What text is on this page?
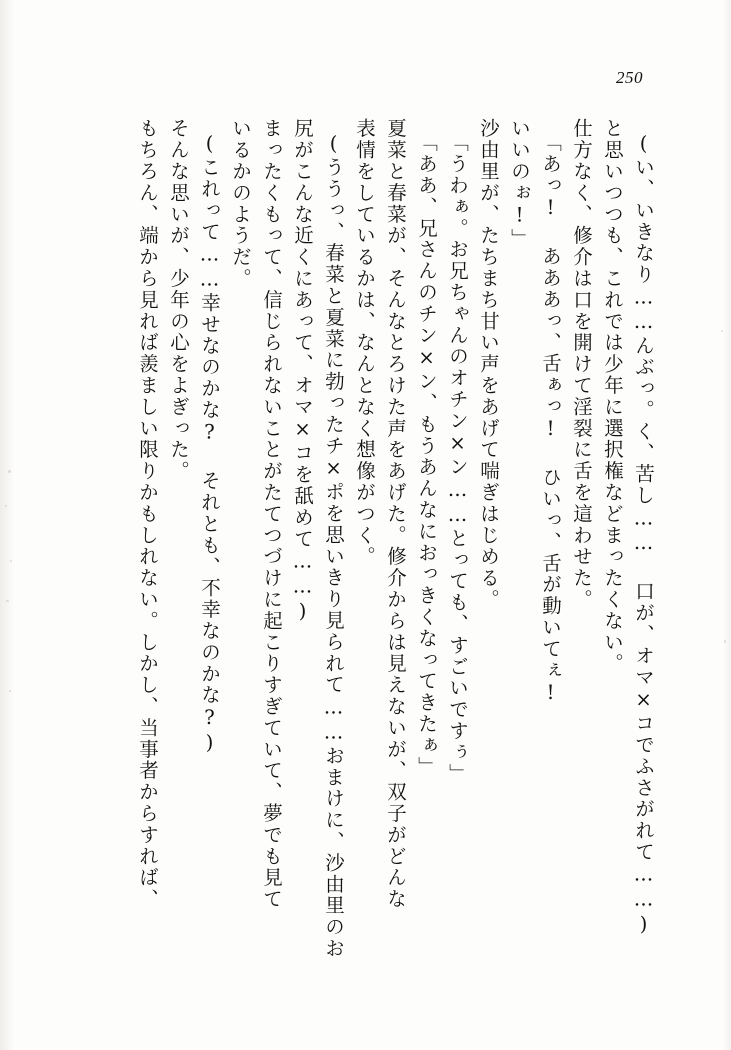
250
(い、いきなり……んぶっ。く、苦し…… 口が、オマ×コでふさがれて……)
と思いつつも、これでは少年に選択権などまったくない。
仕方なく、修介は口を開けて淫裂に舌を這わせた。
「あっ! あああっ、舌ぁっ! ひいっ、舌が動いてぇ!
いいのぉ!」
沙由里が、たちまち甘い声をあげて喘ぎはじめる。
「うわぁ。お兄ちゃんのオチン×ン……とっても、すごいですぅ」
「ああ、兄さんのチン×ン、もうあんなにおっきくなってきたぁ」
夏菜と春菜が、そんなとろけた声をあげた。修介からは見えないが、双子がどんな
表情をしているかは、なんとなく想像がつく。
(ううっ、春菜と夏菜に勃ったチ×ポを思いきり見られて……おまけに、沙由里のお
尻がこんな近くにあって、オマ×コを舐めて……)
まったくもって、信じられないことがたてつづけに起こりすぎていて、夢でも見て
いるかのようだ。
(これって……幸せなのかな? それとも、不幸なのかな?)
そんな思いが、少年の心をよぎった。
もちろん、端から見れば羨ましい限りかもしれない。しかし、当事者からすれば、
